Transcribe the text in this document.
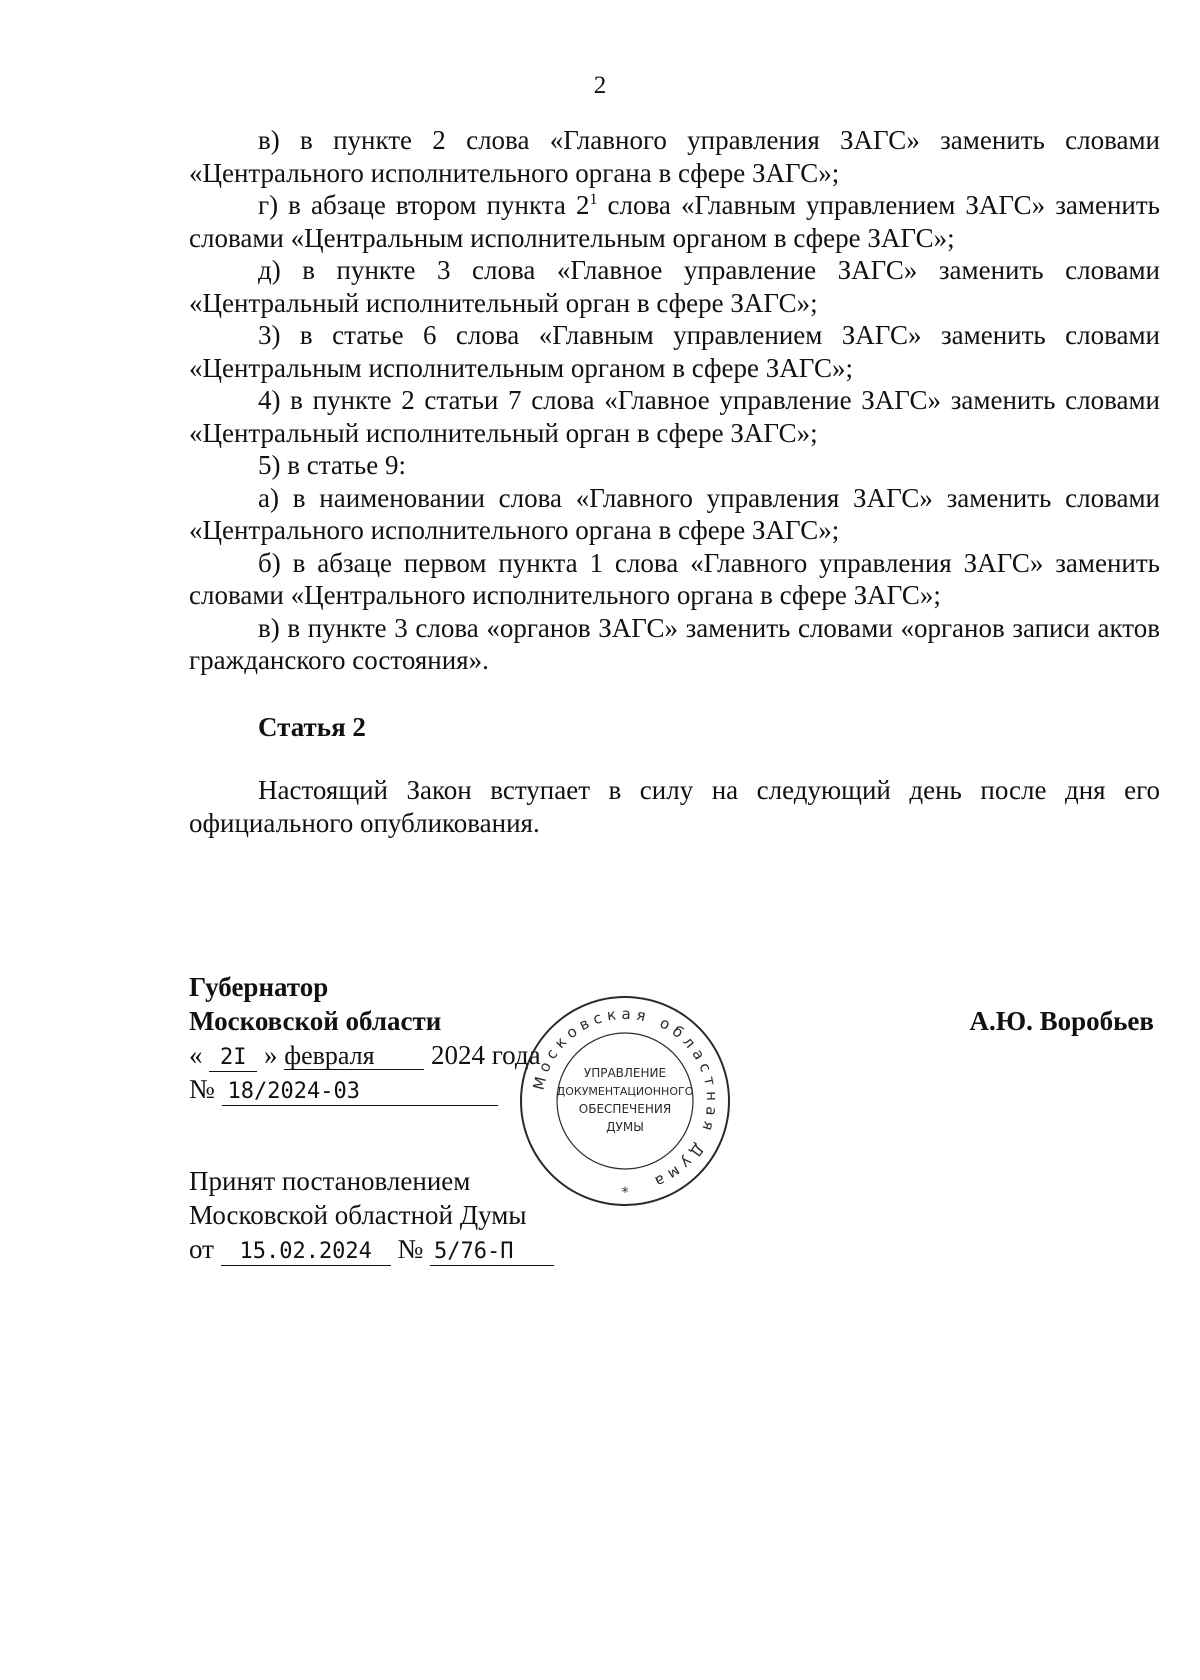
2

в) в пункте 2 слова «Главного управления ЗАГС» заменить словами «Центрального исполнительного органа в сфере ЗАГС»;

г) в абзаце втором пункта $2^1$ слова «Главным управлением ЗАГС» заменить словами «Центральным исполнительным органом в сфере ЗАГС»;

д) в пункте 3 слова «Главное управление ЗАГС» заменить словами «Центральный исполнительный орган в сфере ЗАГС»;

3) в статье 6 слова «Главным управлением ЗАГС» заменить словами «Центральным исполнительным органом в сфере ЗАГС»;

4) в пункте 2 статьи 7 слова «Главное управление ЗАГС» заменить словами «Центральный исполнительный орган в сфере ЗАГС»;

5) в статье 9:

а) в наименовании слова «Главного управления ЗАГС» заменить словами «Центрального исполнительного органа в сфере ЗАГС»;

б) в абзаце первом пункта 1 слова «Главного управления ЗАГС» заменить словами «Центрального исполнительного органа в сфере ЗАГС»;

в) в пункте 3 слова «органов ЗАГС» заменить словами «органов записи актов гражданского состояния».

Статья 2

Настоящий Закон вступает в силу на следующий день после дня его официального опубликования.

Губернатор
Московской области
« 2I » февраля 2024 года
№ 18/2024-03
А.Ю. Воробьев
Принят постановлением
Московской областной Думы
от 15.02.2024 № 5/76-П
Московская областная Дума
УПРАВЛЕНИЕ
ДОКУМЕНТАЦИОННОГО
ОБЕСПЕЧЕНИЯ
ДУМЫ
*
